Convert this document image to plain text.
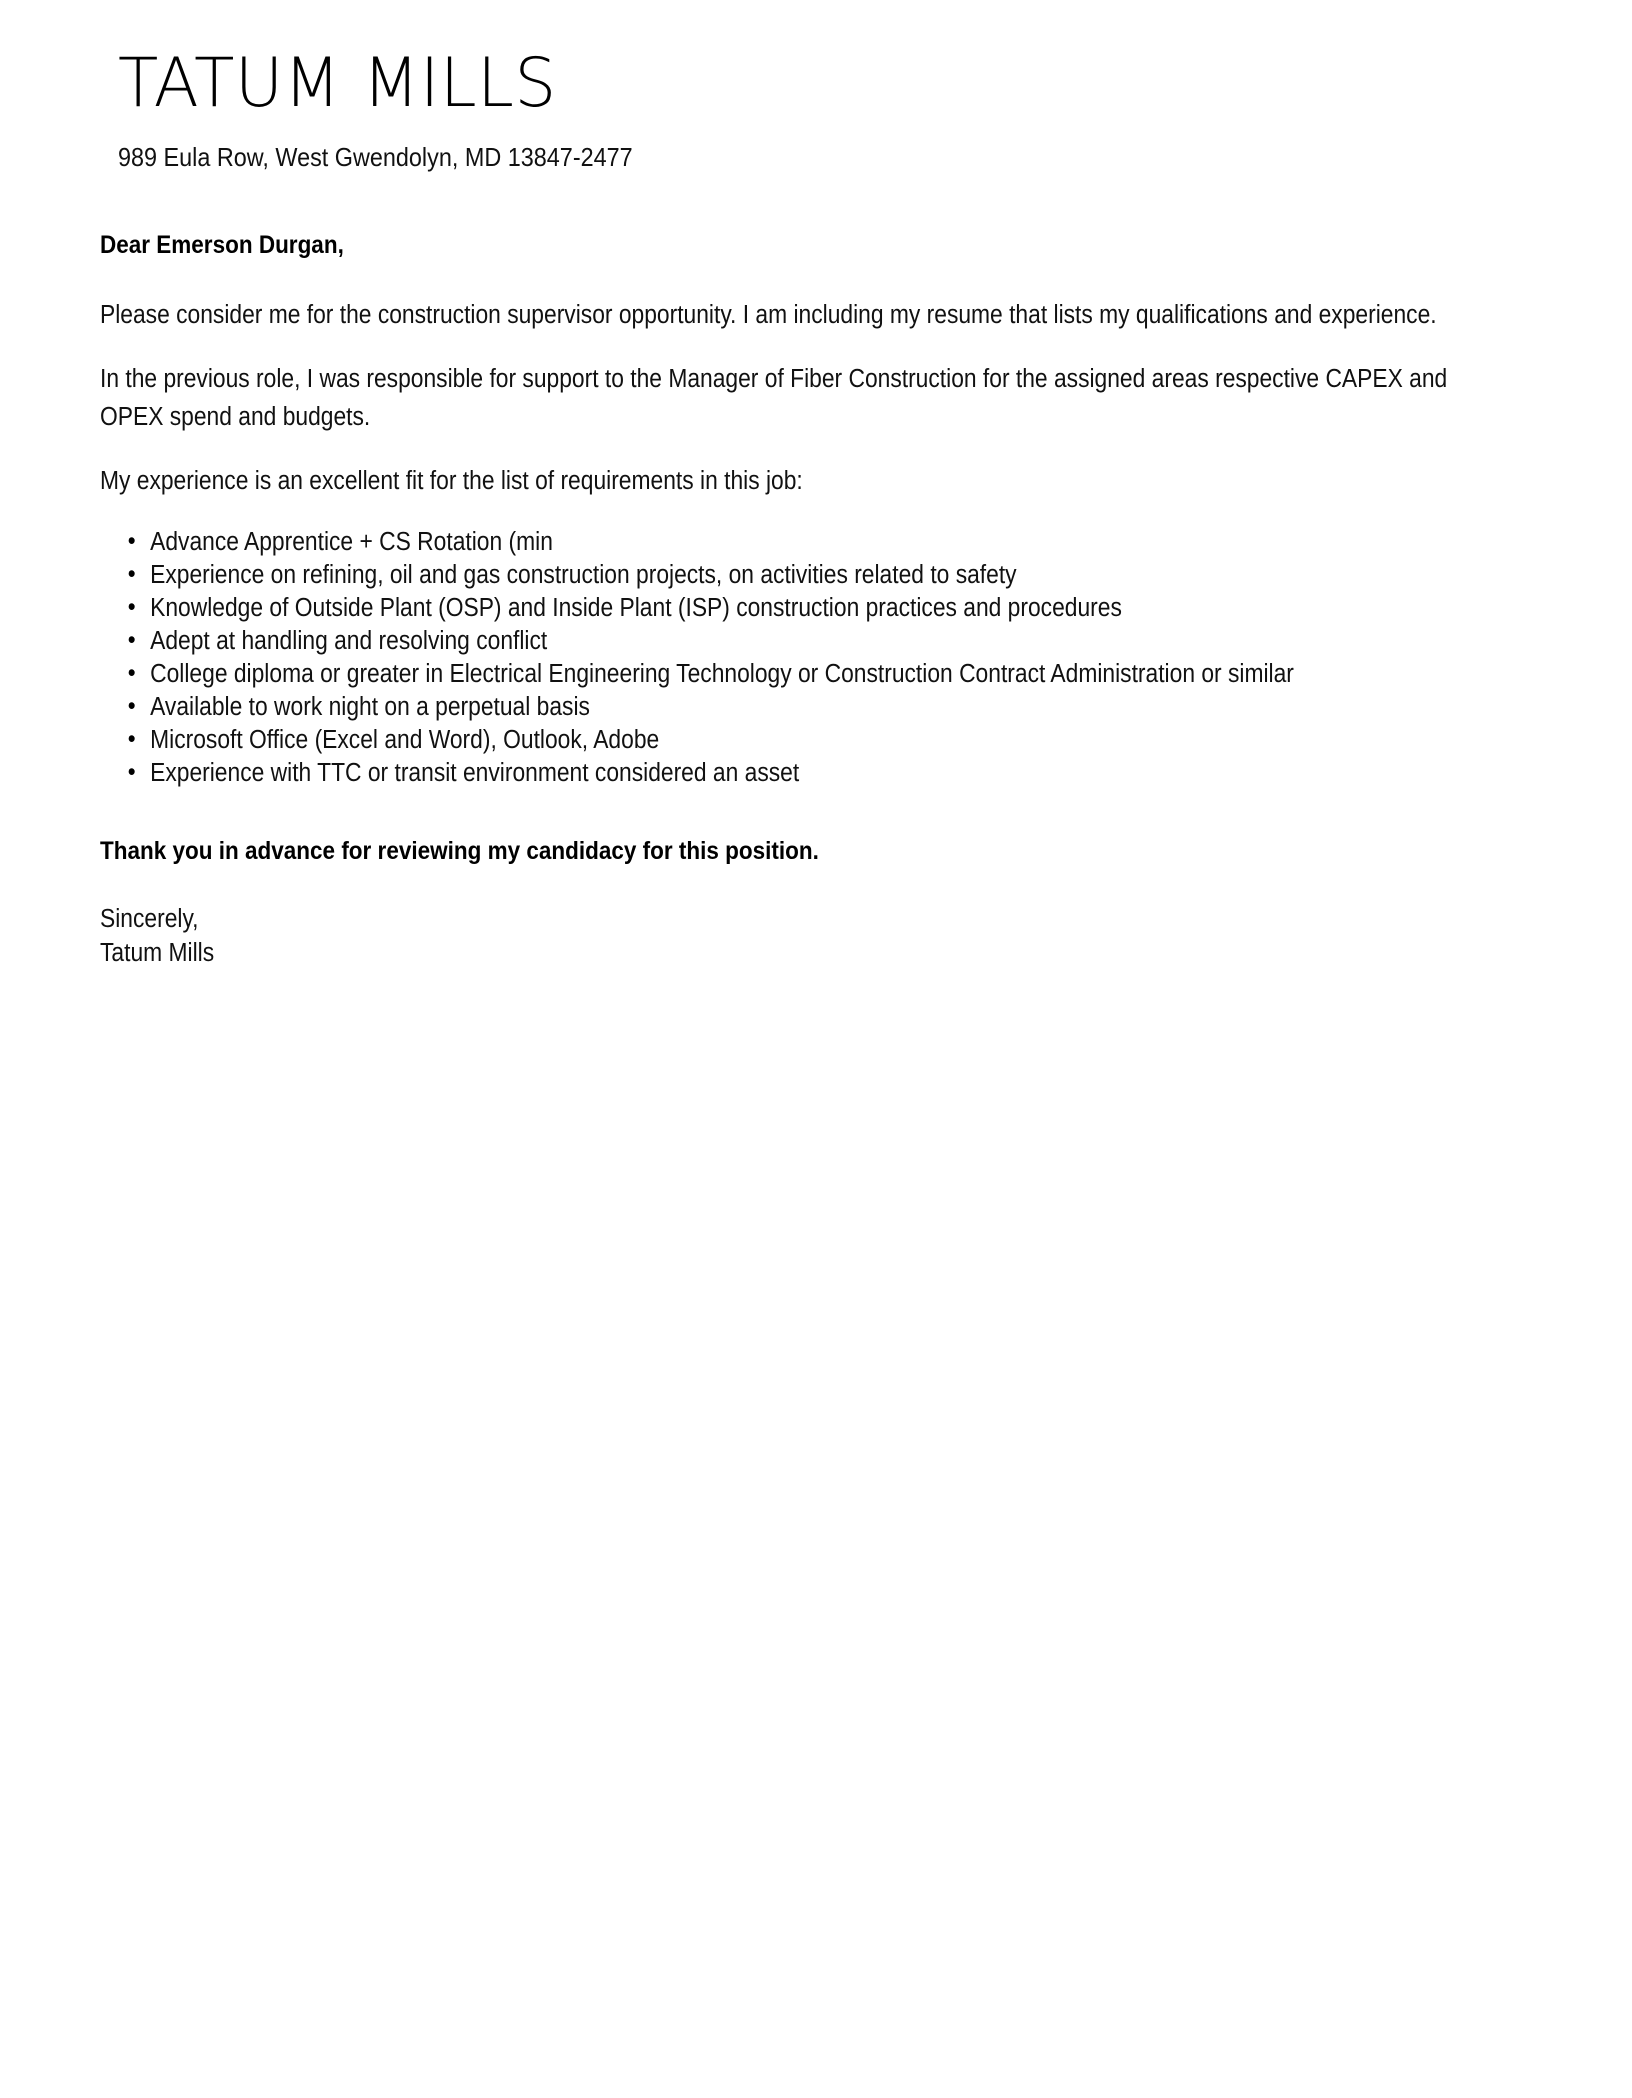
TATUM MILLS

989 Eula Row, West Gwendolyn, MD 13847-2477

Dear Emerson Durgan,

Please consider me for the construction supervisor opportunity. I am including my resume that lists my qualifications and experience.

In the previous role, I was responsible for support to the Manager of Fiber Construction for the assigned areas respective CAPEX and OPEX spend and budgets.

My experience is an excellent fit for the list of requirements in this job:

• Advance Apprentice + CS Rotation (min
• Experience on refining, oil and gas construction projects, on activities related to safety
• Knowledge of Outside Plant (OSP) and Inside Plant (ISP) construction practices and procedures
• Adept at handling and resolving conflict
• College diploma or greater in Electrical Engineering Technology or Construction Contract Administration or similar
• Available to work night on a perpetual basis
• Microsoft Office (Excel and Word), Outlook, Adobe
• Experience with TTC or transit environment considered an asset

Thank you in advance for reviewing my candidacy for this position.

Sincerely,

Tatum Mills
